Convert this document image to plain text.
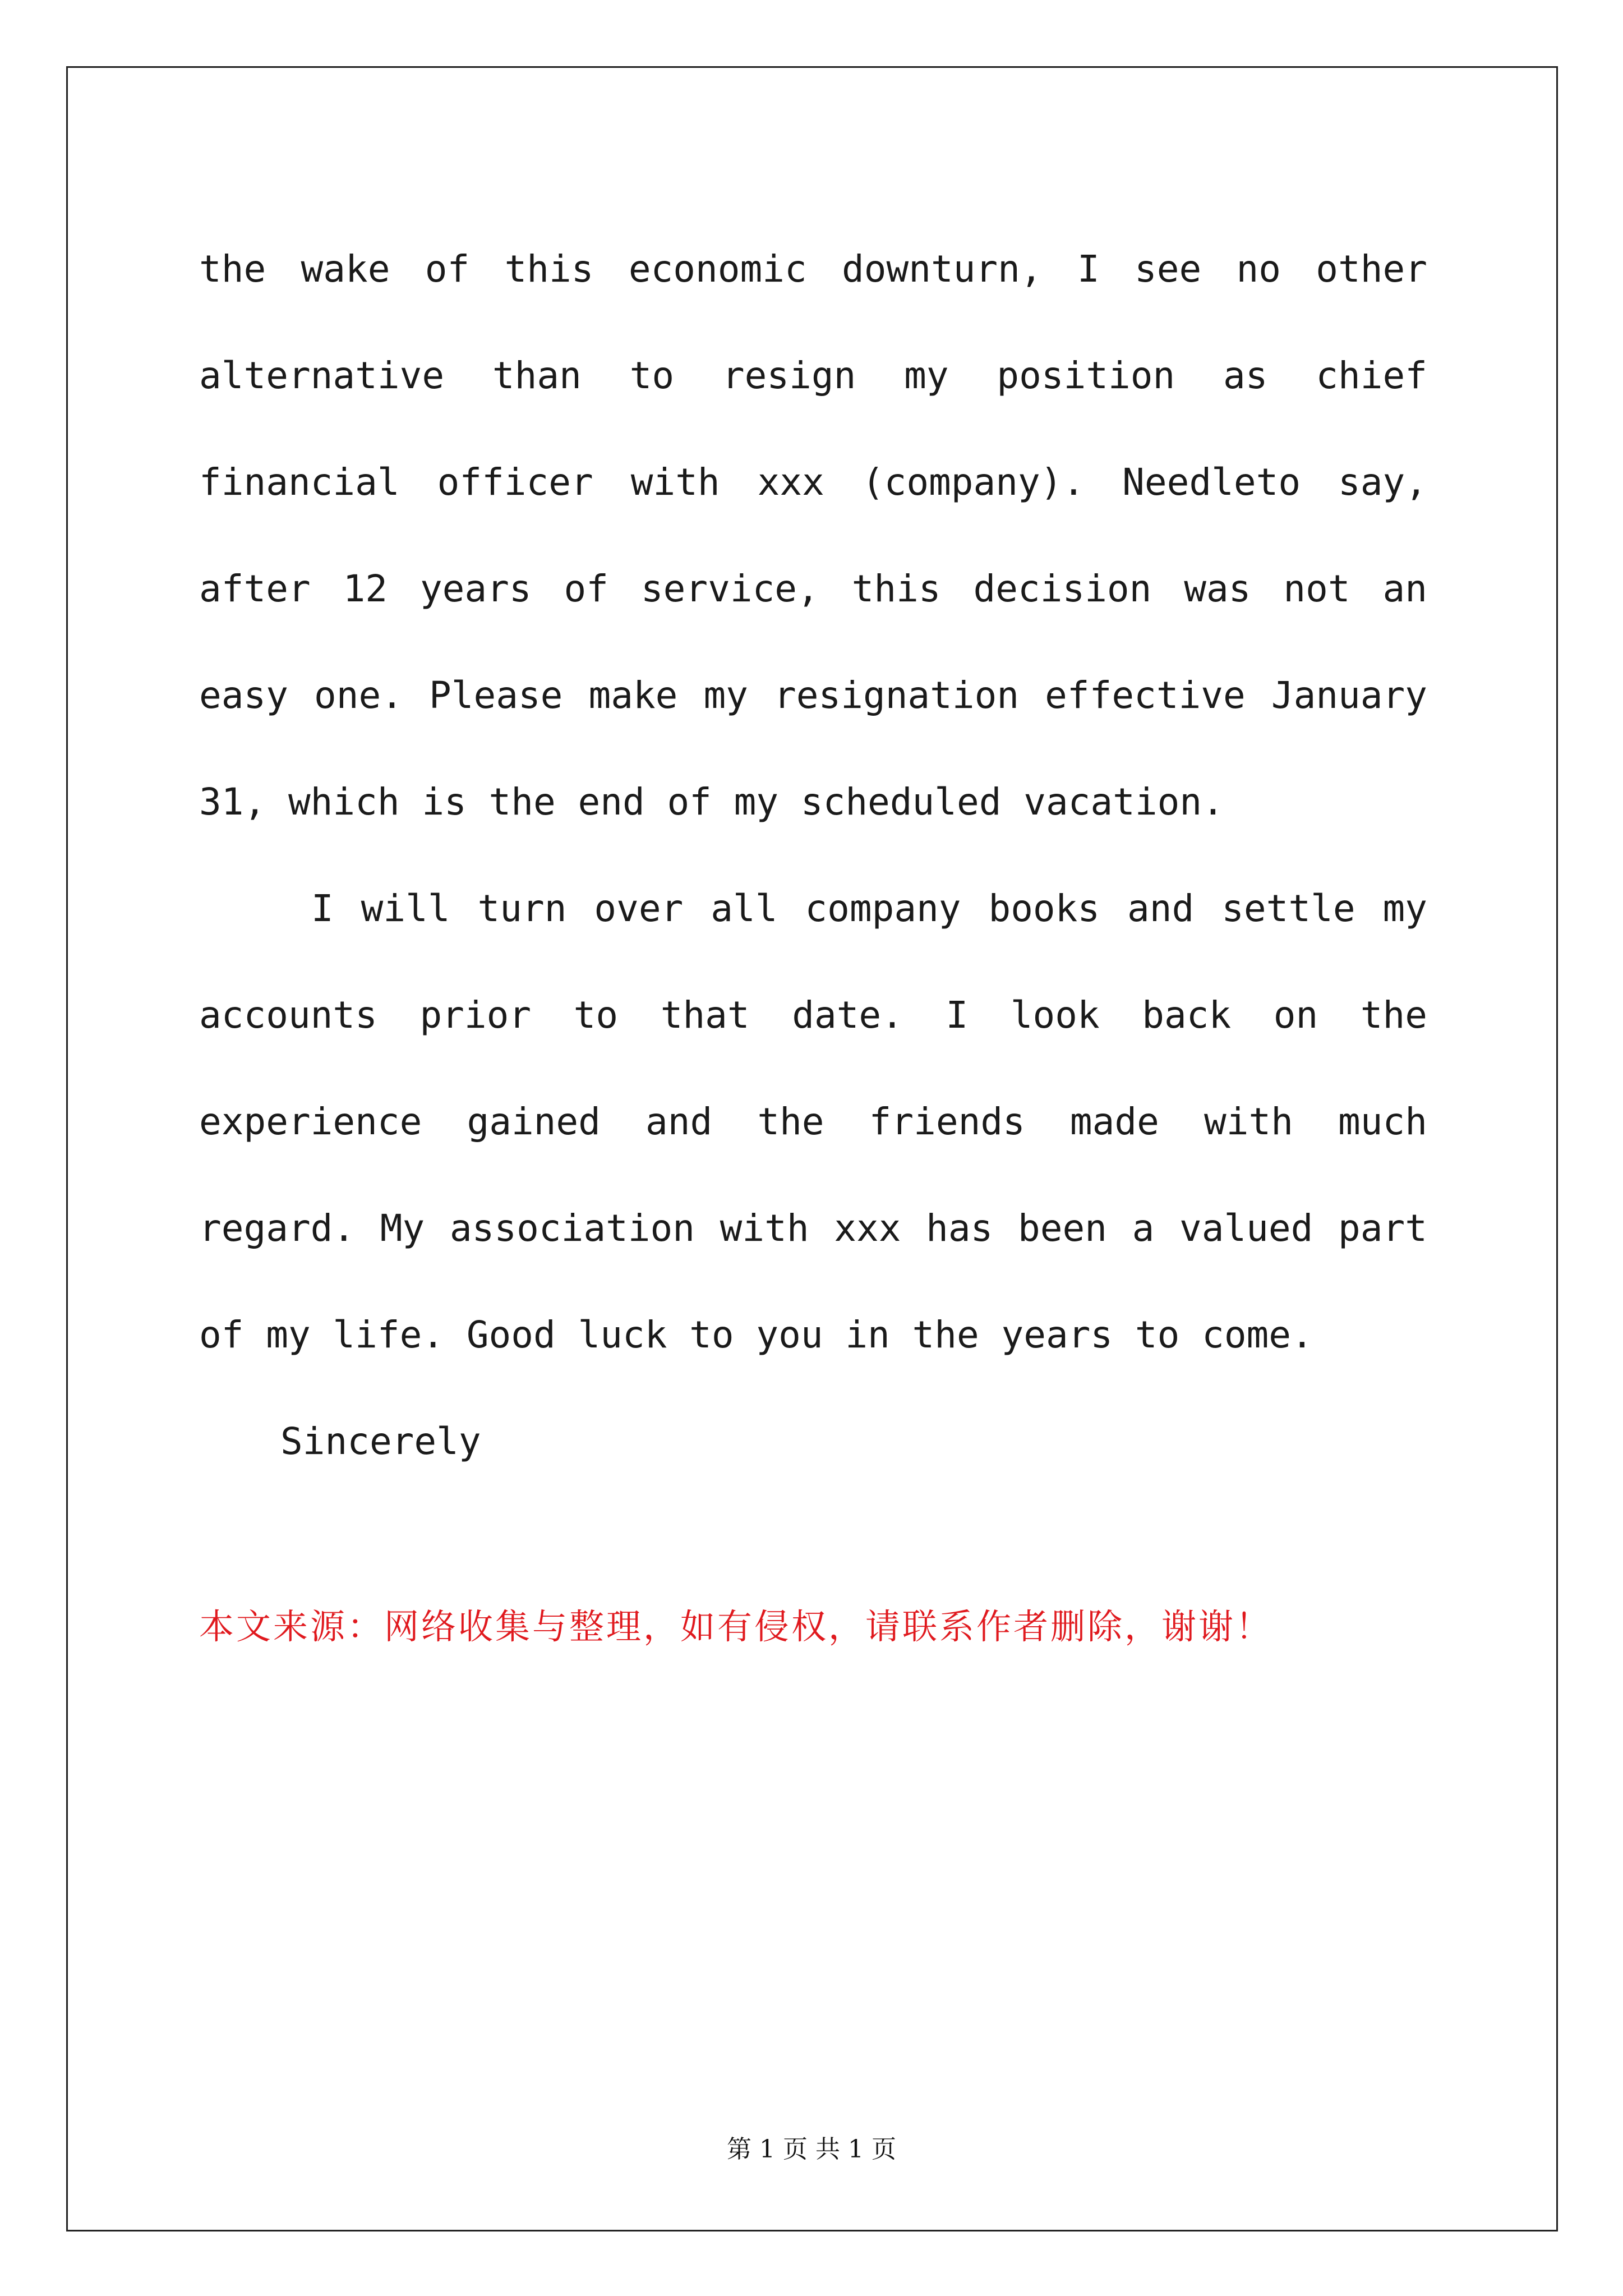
the wake of this economic downturn, I see no other alternative than to resign my position as chief financial officer with xxx (company). Needleto say, after 12 years of service, this decision was not an easy one. Please make my resignation effective January 31, which is the end of my scheduled vacation.

I will turn over all company books and settle my accounts prior to that date. I look back on the experience gained and the friends made with much regard. My association with xxx has been a valued part of my life. Good luck to you in the years to come.

Sincerely

本文来源：网络收集与整理，如有侵权，请联系作者删除，谢谢！
第 1 页 共 1 页
